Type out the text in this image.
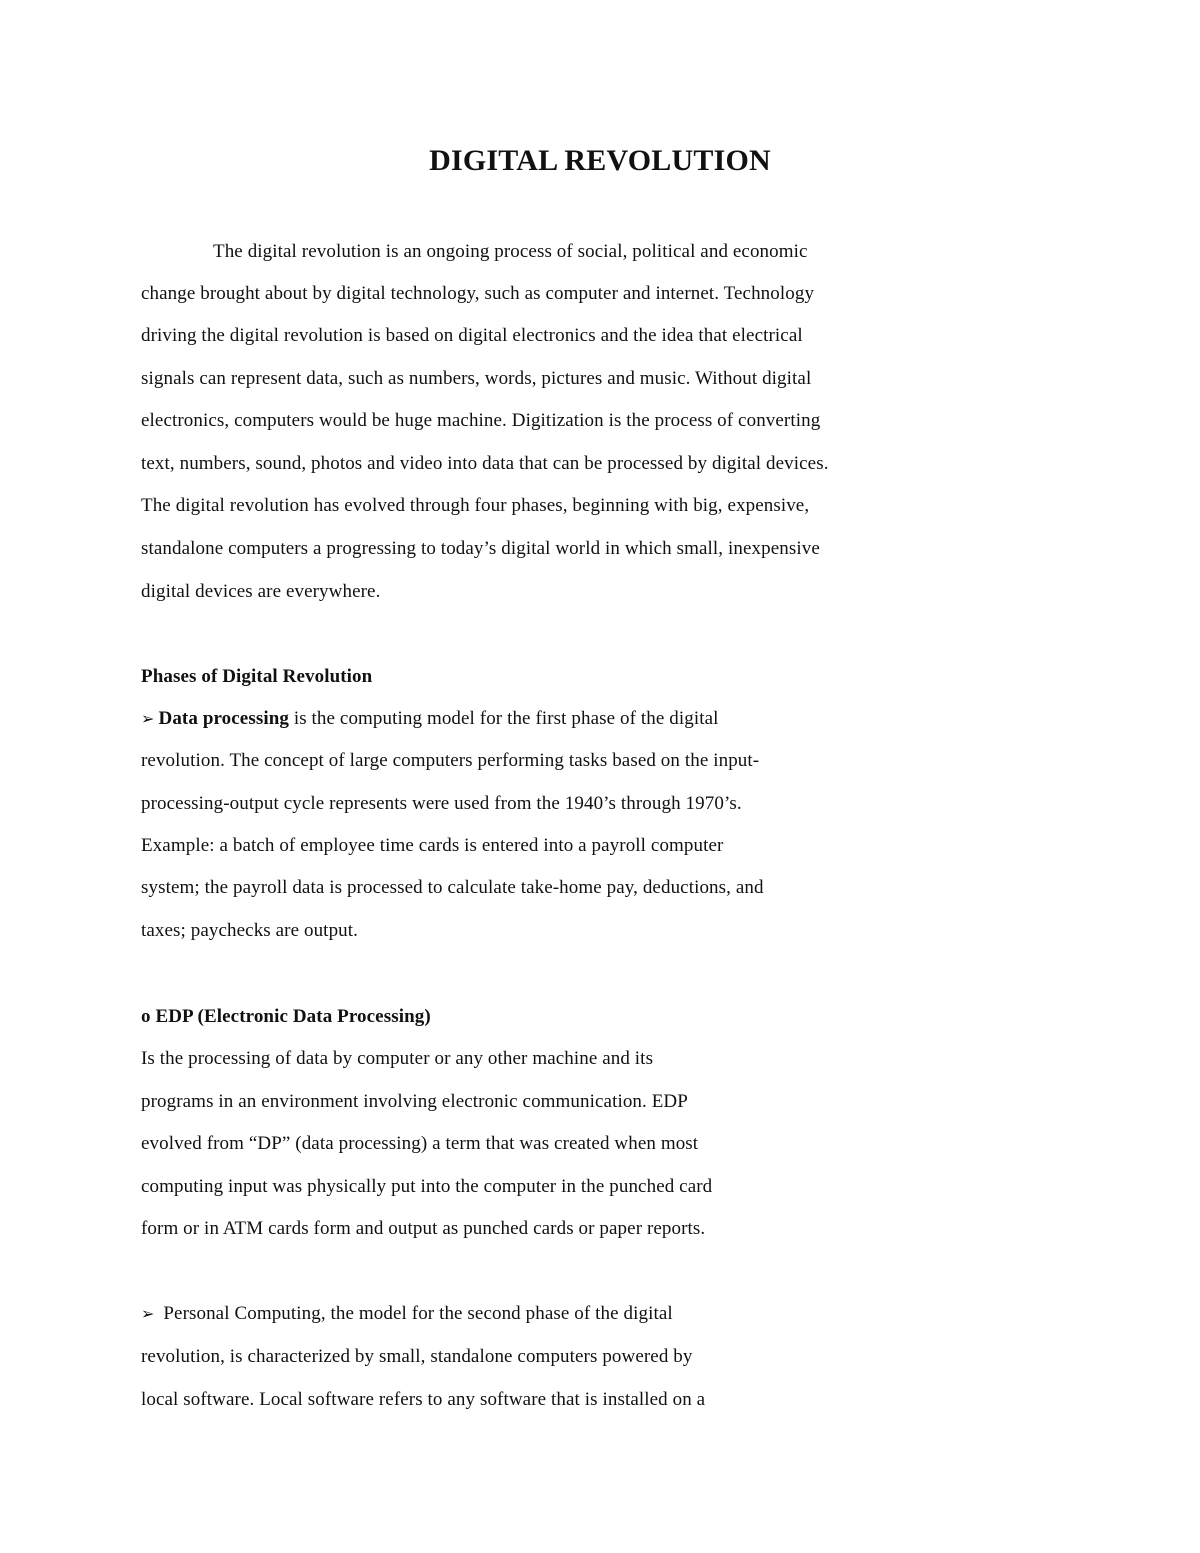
DIGITAL REVOLUTION
The digital revolution is an ongoing process of social, political and economic
change brought about by digital technology, such as computer and internet. Technology
driving the digital revolution is based on digital electronics and the idea that electrical
signals can represent data, such as numbers, words, pictures and music. Without digital
electronics, computers would be huge machine. Digitization is the process of converting
text, numbers, sound, photos and video into data that can be processed by digital devices.
The digital revolution has evolved through four phases, beginning with big, expensive,
standalone computers a progressing to today’s digital world in which small, inexpensive
digital devices are everywhere.
Phases of Digital Revolution
➢ Data processing is the computing model for the first phase of the digital
revolution. The concept of large computers performing tasks based on the input-
processing-output cycle represents were used from the 1940’s through 1970’s.
Example: a batch of employee time cards is entered into a payroll computer
system; the payroll data is processed to calculate take-home pay, deductions, and
taxes; paychecks are output.
o EDP (Electronic Data Processing)
Is the processing of data by computer or any other machine and its
programs in an environment involving electronic communication. EDP
evolved from “DP” (data processing) a term that was created when most
computing input was physically put into the computer in the punched card
form or in ATM cards form and output as punched cards or paper reports.
➢ Personal Computing, the model for the second phase of the digital
revolution, is characterized by small, standalone computers powered by
local software. Local software refers to any software that is installed on a
